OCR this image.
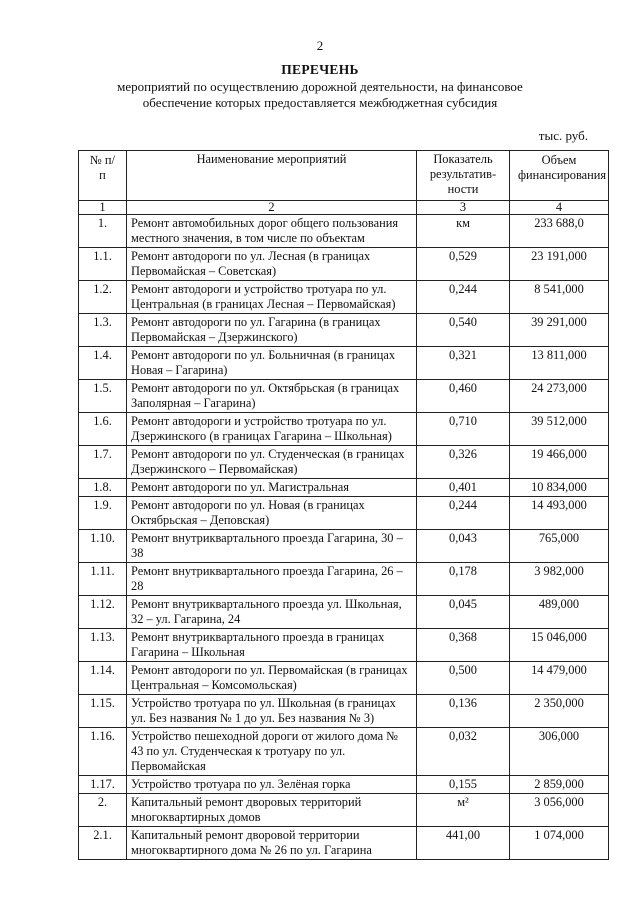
2
ПЕРЕЧЕНЬ
мероприятий по осуществлению дорожной деятельности, на финансовое
обеспечение которых предоставляется межбюджетная субсидия
тыс. руб.
№ п/п	Наименование мероприятий	Показатель результатив-ности	Объем финансирования
1	2	3	4
1.	Ремонт автомобильных дорог общего пользования местного значения, в том числе по объектам	км	233 688,0
1.1.	Ремонт автодороги по ул. Лесная (в границах Первомайская – Советская)	0,529	23 191,000
1.2.	Ремонт автодороги и устройство тротуара по ул. Центральная (в границах Лесная – Первомайская)	0,244	8 541,000
1.3.	Ремонт автодороги по ул. Гагарина (в границах Первомайская – Дзержинского)	0,540	39 291,000
1.4.	Ремонт автодороги по ул. Больничная (в границах Новая – Гагарина)	0,321	13 811,000
1.5.	Ремонт автодороги по ул. Октябрьская (в границах Заполярная – Гагарина)	0,460	24 273,000
1.6.	Ремонт автодороги и устройство тротуара по ул. Дзержинского (в границах Гагарина – Школьная)	0,710	39 512,000
1.7.	Ремонт автодороги по ул. Студенческая (в границах Дзержинского – Первомайская)	0,326	19 466,000
1.8.	Ремонт автодороги по ул. Магистральная	0,401	10 834,000
1.9.	Ремонт автодороги по ул. Новая (в границах Октябрьская – Деповская)	0,244	14 493,000
1.10.	Ремонт внутриквартального проезда Гагарина, 30 – 38	0,043	765,000
1.11.	Ремонт внутриквартального проезда Гагарина, 26 – 28	0,178	3 982,000
1.12.	Ремонт внутриквартального проезда ул. Школьная, 32 – ул. Гагарина, 24	0,045	489,000
1.13.	Ремонт внутриквартального проезда в границах Гагарина – Школьная	0,368	15 046,000
1.14.	Ремонт автодороги по ул. Первомайская (в границах Центральная – Комсомольская)	0,500	14 479,000
1.15.	Устройство тротуара по ул. Школьная (в границах ул. Без названия № 1 до ул. Без названия № 3)	0,136	2 350,000
1.16.	Устройство пешеходной дороги от жилого дома № 43 по ул. Студенческая к тротуару по ул. Первомайская	0,032	306,000
1.17.	Устройство тротуара по ул. Зелёная горка	0,155	2 859,000
2.	Капитальный ремонт дворовых территорий многоквартирных домов	м²	3 056,000
2.1.	Капитальный ремонт дворовой территории многоквартирного дома № 26 по ул. Гагарина	441,00	1 074,000
